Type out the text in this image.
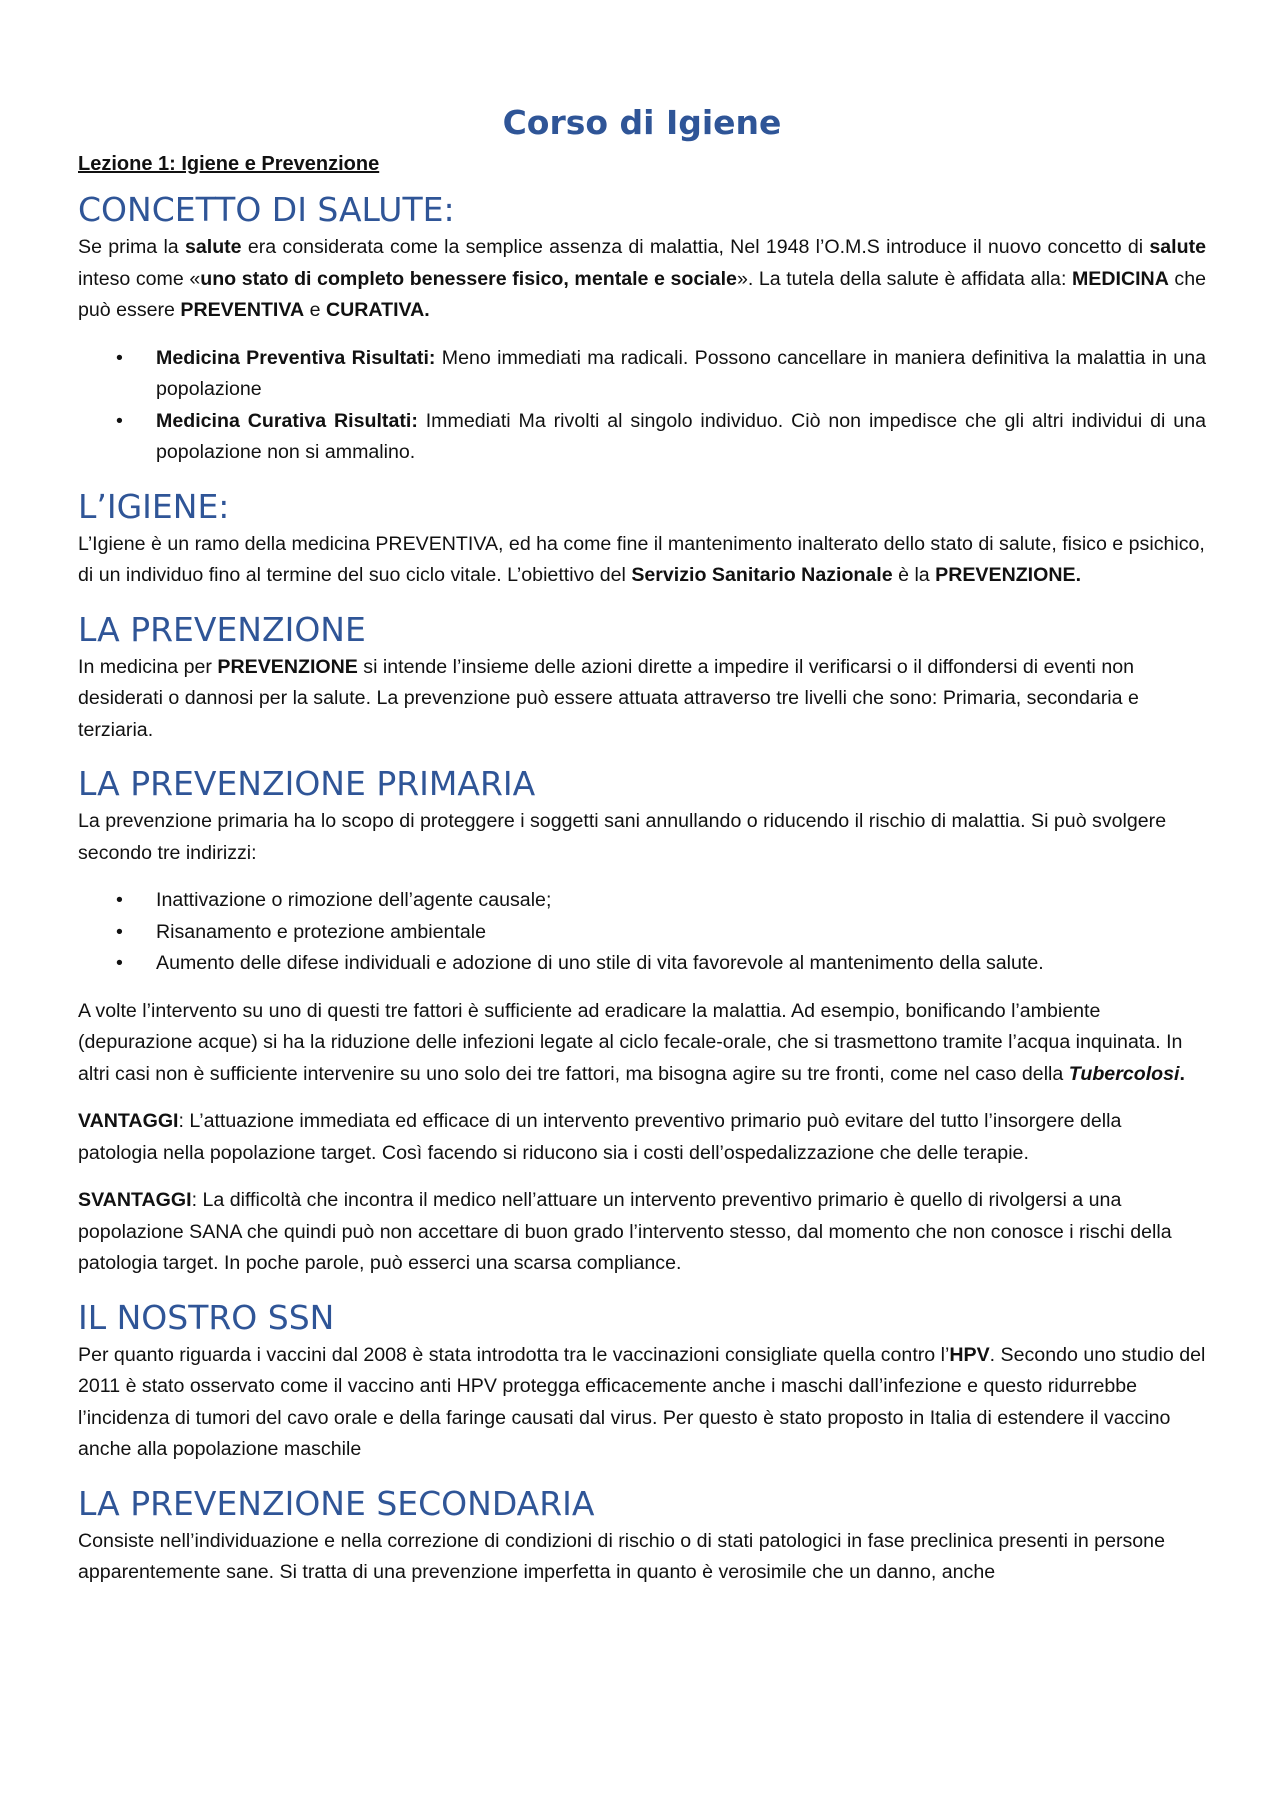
Corso di Igiene
Lezione 1: Igiene e Prevenzione
CONCETTO DI SALUTE:

Se prima la salute era considerata come la semplice assenza di malattia, Nel 1948 l’O.M.S introduce il nuovo concetto di salute inteso come «uno stato di completo benessere fisico, mentale e sociale». La tutela della salute è affidata alla: MEDICINA che può essere PREVENTIVA e CURATIVA.

• Medicina Preventiva Risultati: Meno immediati ma radicali. Possono cancellare in maniera definitiva la malattia in una popolazione
• Medicina Curativa Risultati: Immediati Ma rivolti al singolo individuo. Ciò non impedisce che gli altri individui di una popolazione non si ammalino.
L’IGIENE:

L’Igiene è un ramo della medicina PREVENTIVA, ed ha come fine il mantenimento inalterato dello stato di salute, fisico e psichico, di un individuo fino al termine del suo ciclo vitale. L’obiettivo del Servizio Sanitario Nazionale è la PREVENZIONE.

LA PREVENZIONE

In medicina per PREVENZIONE si intende l’insieme delle azioni dirette a impedire il verificarsi o il diffondersi di eventi non desiderati o dannosi per la salute. La prevenzione può essere attuata attraverso tre livelli che sono: Primaria, secondaria e terziaria.

LA PREVENZIONE PRIMARIA

La prevenzione primaria ha lo scopo di proteggere i soggetti sani annullando o riducendo il rischio di malattia. Si può svolgere secondo tre indirizzi:

• Inattivazione o rimozione dell’agente causale;
• Risanamento e protezione ambientale
• Aumento delle difese individuali e adozione di uno stile di vita favorevole al mantenimento della salute.

A volte l’intervento su uno di questi tre fattori è sufficiente ad eradicare la malattia. Ad esempio, bonificando l’ambiente (depurazione acque) si ha la riduzione delle infezioni legate al ciclo fecale-orale, che si trasmettono tramite l’acqua inquinata. In altri casi non è sufficiente intervenire su uno solo dei tre fattori, ma bisogna agire su tre fronti, come nel caso della Tubercolosi.

VANTAGGI: L’attuazione immediata ed efficace di un intervento preventivo primario può evitare del tutto l’insorgere della patologia nella popolazione target. Così facendo si riducono sia i costi dell’ospedalizzazione che delle terapie.

SVANTAGGI: La difficoltà che incontra il medico nell’attuare un intervento preventivo primario è quello di rivolgersi a una popolazione SANA che quindi può non accettare di buon grado l’intervento stesso, dal momento che non conosce i rischi della patologia target. In poche parole, può esserci una scarsa compliance.

IL NOSTRO SSN

Per quanto riguarda i vaccini dal 2008 è stata introdotta tra le vaccinazioni consigliate quella contro l’HPV. Secondo uno studio del 2011 è stato osservato come il vaccino anti HPV protegga efficacemente anche i maschi dall’infezione e questo ridurrebbe l’incidenza di tumori del cavo orale e della faringe causati dal virus. Per questo è stato proposto in Italia di estendere il vaccino anche alla popolazione maschile

LA PREVENZIONE SECONDARIA

Consiste nell’individuazione e nella correzione di condizioni di rischio o di stati patologici in fase preclinica presenti in persone apparentemente sane. Si tratta di una prevenzione imperfetta in quanto è verosimile che un danno, anche
